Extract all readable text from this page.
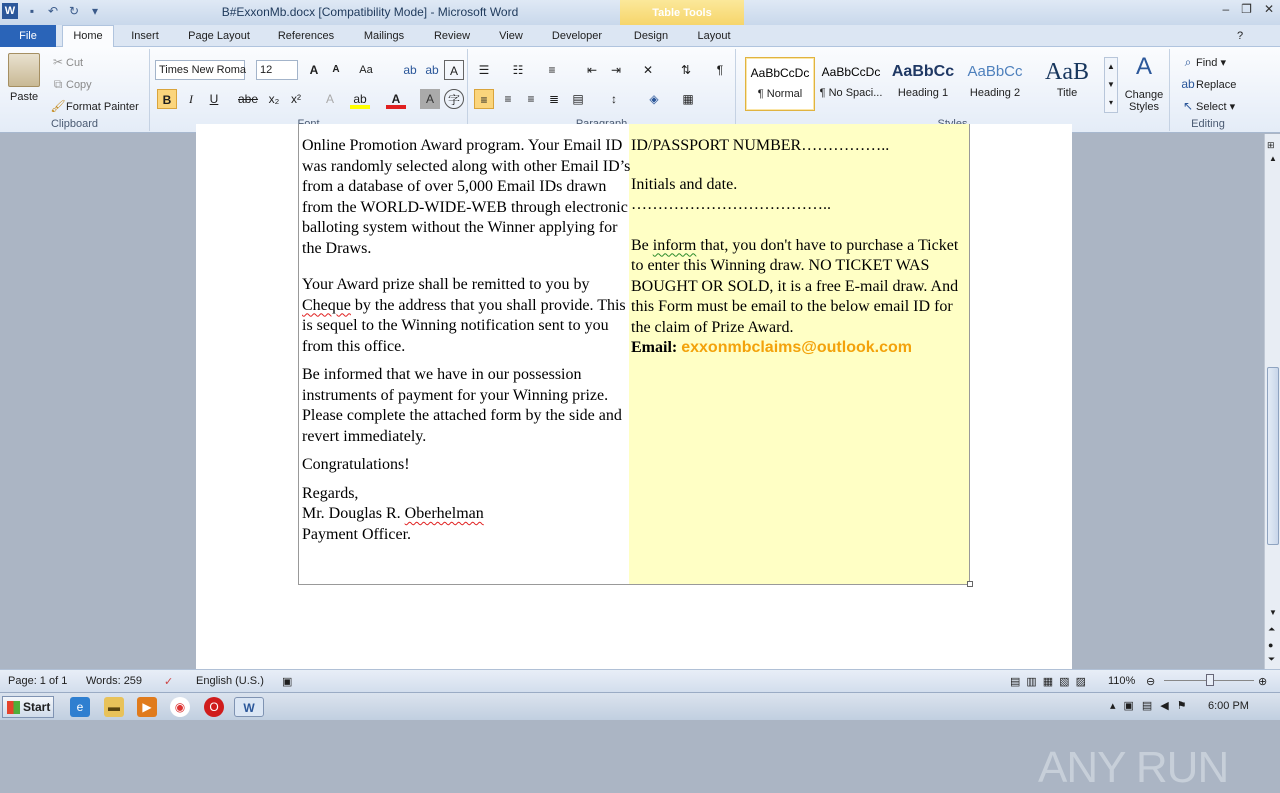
W	▪	↶ ↻	▾	B#ExxonMb.docx [Compatibility Mode] - Microsoft Word	Table Tools	– ❐ ✕
File	Home	Insert	Page Layout	References	Mailings	Review	View	Developer	Design	Layout	?
Paste
✂ Cut
⧉ Copy
🖌Format Painter
Clipboard
Times New Roma	12	A	A	Aa	ab ab A
B	I	U	abe x₂ x²	A	ab	A	A	字
☰	☷	≡	⇤	⇥	✕	⇅	¶
≡	≡	≡	≣	▤	↕	◈	▦
AaBbCcDc
¶ Normal
AaBbCcDc
¶ No Spaci...
AaBbCc
Heading 1
AaBbCc
Heading 2
AaB
Title
▲
▼
▾
A
Change Styles
⌕ Find ▾
abReplace
↖ Select ▾
Editing

Online Promotion Award program. Your Email ID was randomly selected along with other Email ID’s from a database of over 5,000 Email IDs drawn from the WORLD-WIDE-WEB through electronic balloting system without the Winner applying for the Draws.

Your Award prize shall be remitted to you by Cheque by the address that you shall provide. This is sequel to the Winning notification sent to you from this office.

Be informed that we have in our possession instruments of payment for your Winning prize. Please complete the attached form by the side and revert immediately.

Congratulations!

Regards,

Mr. Douglas R. Oberhelman

Payment Officer.

ID/PASSPORT NUMBER……………..

Initials and date.

………………………………..

Be inform that, you don't have to purchase a Ticket to enter this Winning draw. NO TICKET WAS BOUGHT OR SOLD, it is a free E-mail draw. And this Form must be email to the below email ID for the claim of Prize Award.

Email: exxonmbclaims@outlook.com

ANY RUN
⊞
▲
▼
⏶
●
⏷
Page: 1 of 1 Words: 259 ✓ English (U.S.) ▣	▤▥▦▧▨ 110% ⊖	⊕
Start	e	▬	▶	◉	O	W	▴▣▤◀⚑ 6:00 PM
